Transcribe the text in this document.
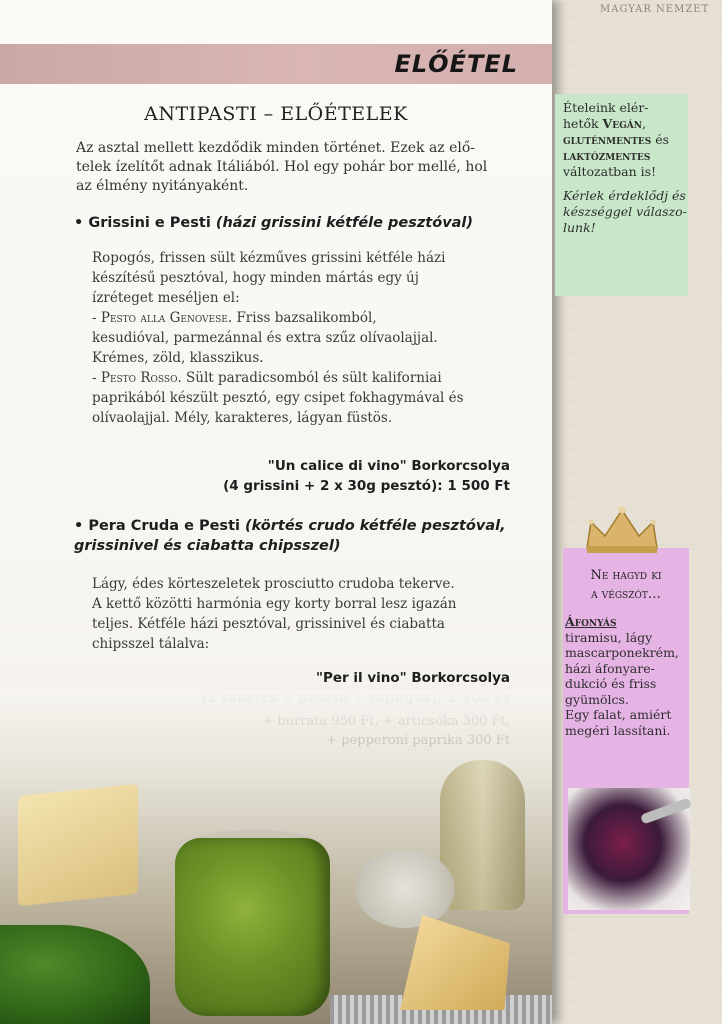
MAGYAR NEMZET
ELŐÉTEL
ANTIPASTI – ELŐÉTELEK
Az asztal mellett kezdődik minden történet. Ezek az elő-
telek ízelítőt adnak Itáliából. Hol egy pohár bor mellé, hol
az élmény nyitányaként.
• Grissini e Pesti (házi grissini kétféle pesztóval)
Ropogós, frissen sült kézműves grissini kétféle házi
készítésű pesztóval, hogy minden mártás egy új
ízréteget meséljen el:
- Pesto alla Genovese. Friss bazsalikomból,
kesudióval, parmezánnal és extra szűz olívaolajjal.
Krémes, zöld, klasszikus.
- Pesto Rosso. Sült paradicsomból és sült kaliforniai
paprikából készült pesztó, egy csipet fokhagymával és
olívaolajjal. Mély, karakteres, lágyan füstös.
"Un calice di vino" Borkorcsolya
(4 grissini + 2 x 30g pesztó): 1 500 Ft
• Pera Cruda e Pesti (körtés crudo kétféle pesztóval,
grissinivel és ciabatta chipsszel)
Lágy, édes körteszeletek prosciutto crudoba tekerve.
A kettő közötti harmónia egy korty borral lesz igazán
teljes. Kétféle házi pesztóval, grissinivel és ciabatta
chipsszel tálalva:
"Per il vino" Borkorcsolya
Ételeink elér-
hetők Vegán,
gluténmentes és
laktózmentes
változatban is!
Kérlek érdeklődj és
készséggel válaszo-
lunk!
Ne hagyd ki
a végszót…
Áfonyás
tiramisu, lágy
mascarponekrém,
házi áfonyare-
dukció és friss
gyümölcs.
Egy falat, amiért
megéri lassítani.
